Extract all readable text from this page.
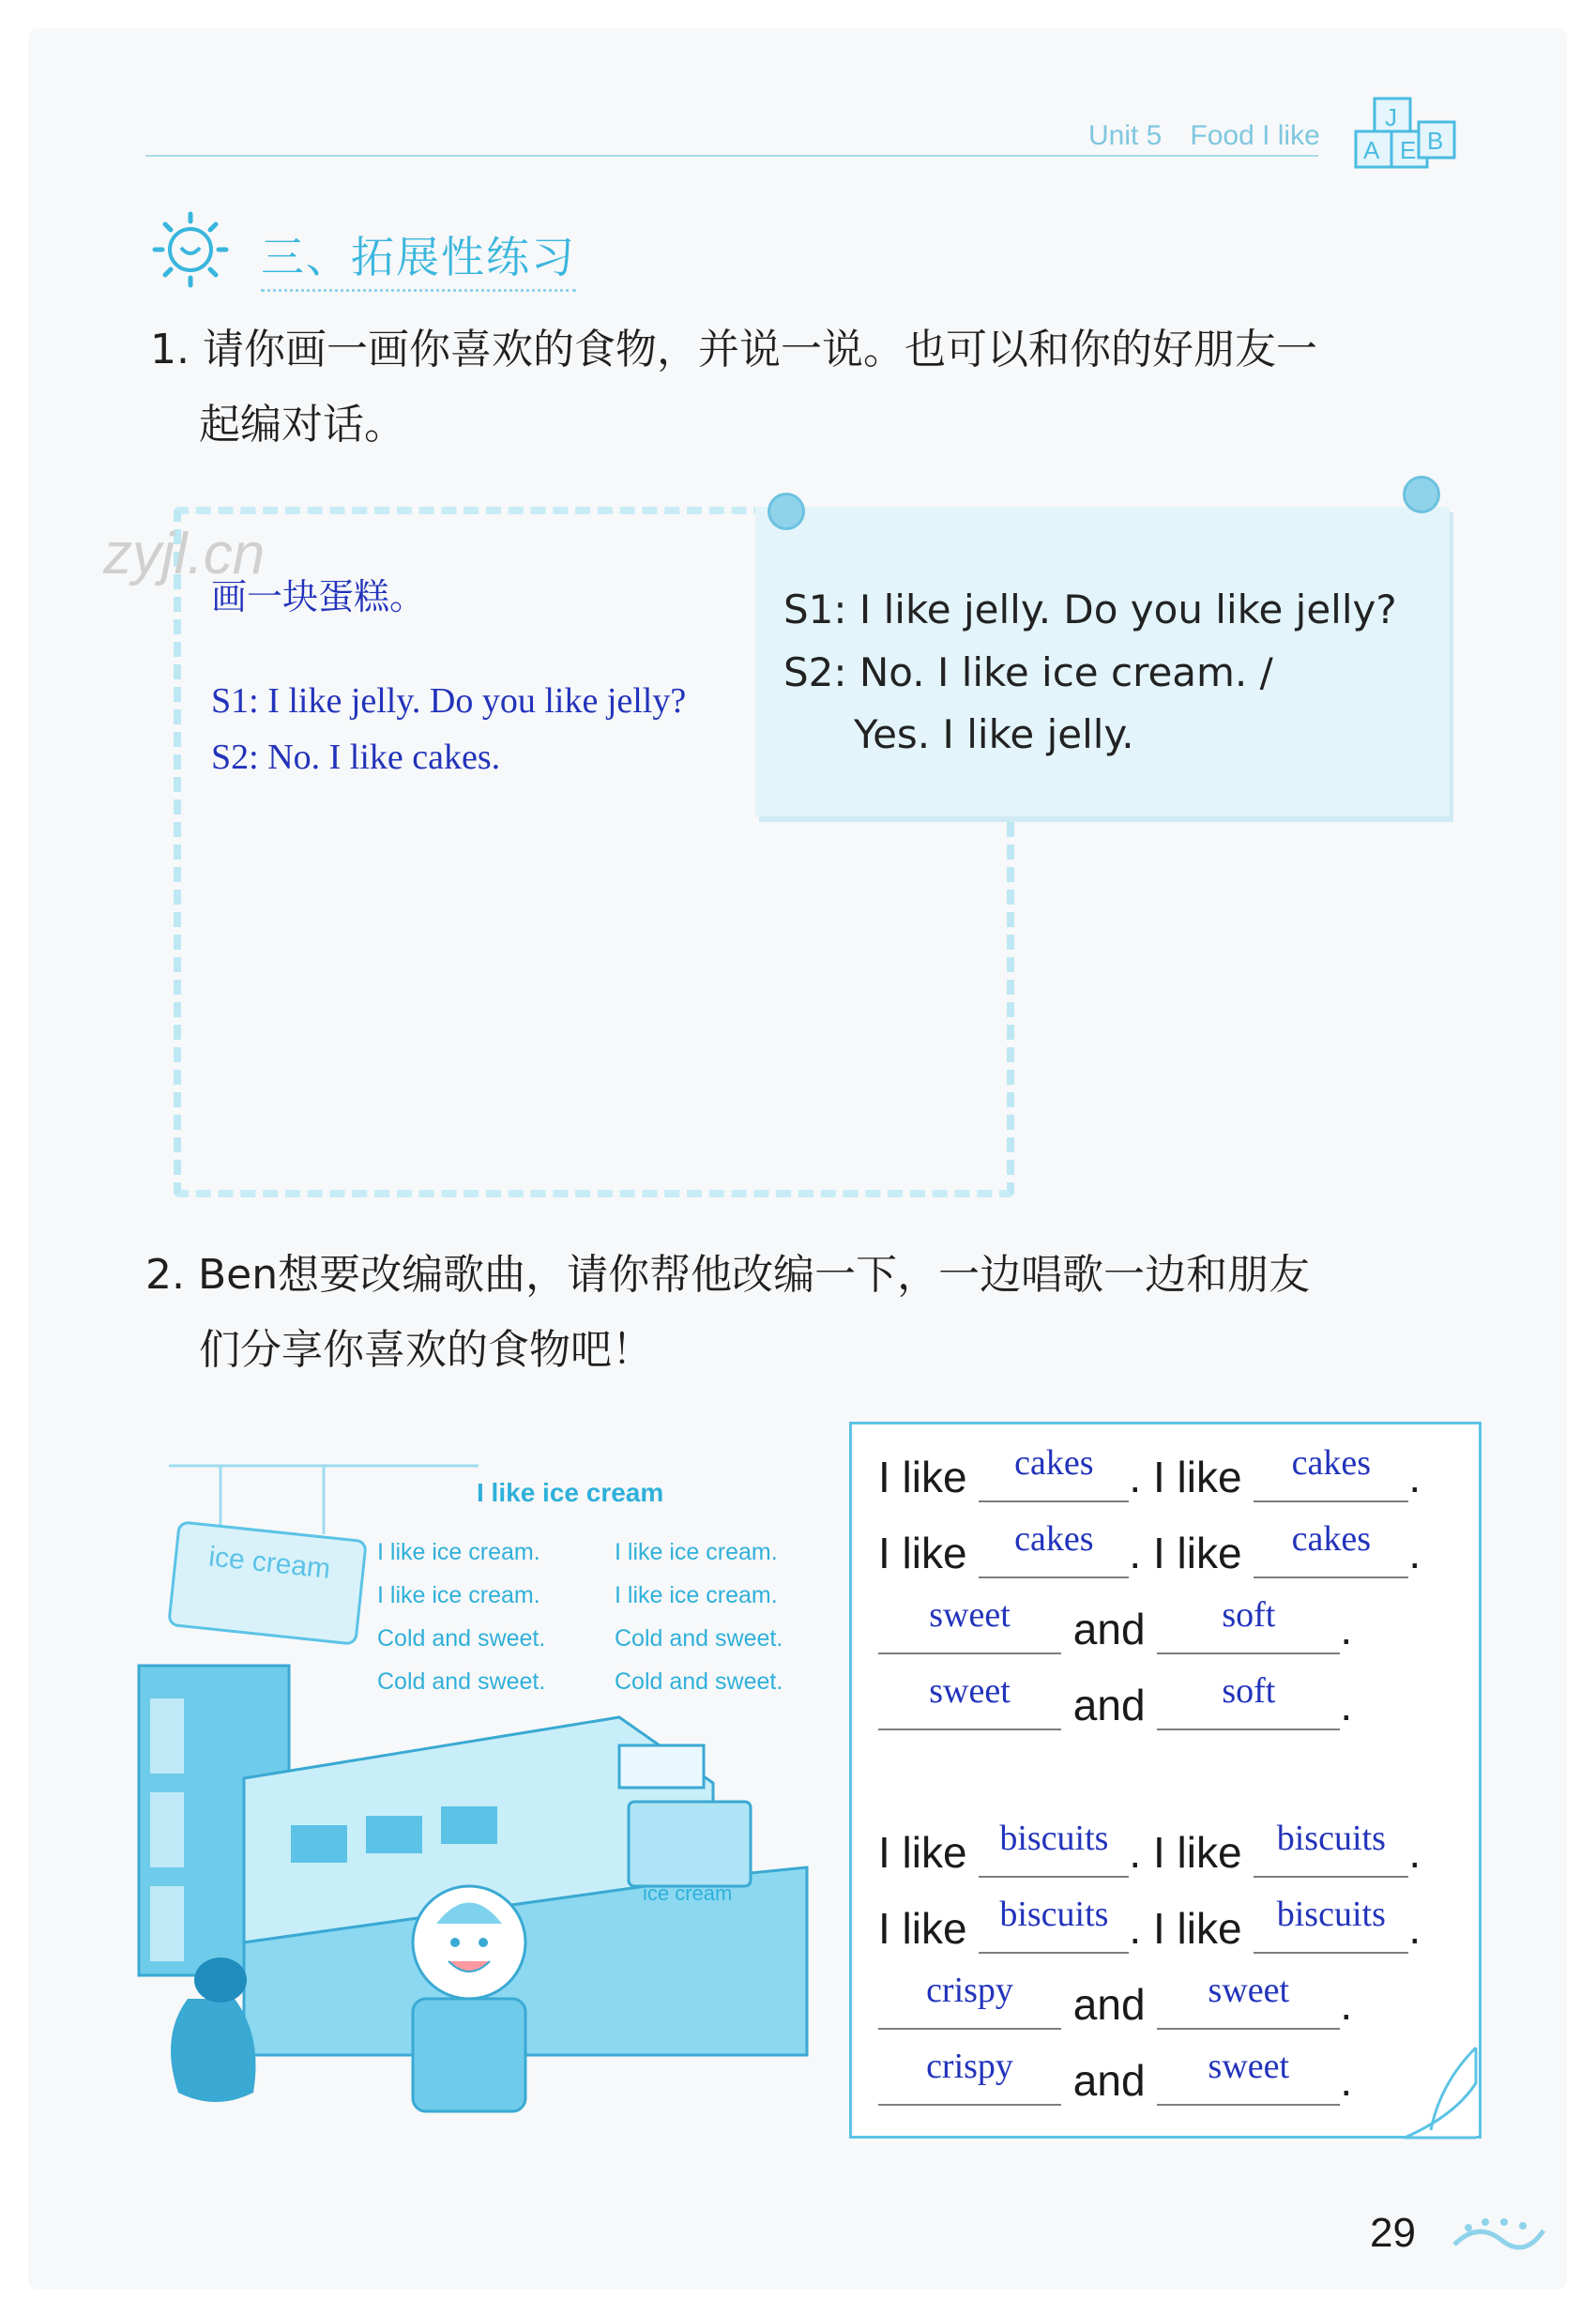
Unit 5 Food I like
J
A E B
三、拓展性练习
1. 请你画一画你喜欢的食物，并说一说。也可以和你的好朋友一
起编对话。
zyjl.cn
画一块蛋糕。
S1: I like jelly. Do you like jelly?
S2: No. I like cakes.
S1: I like jelly. Do you like jelly?
S2: No. I like ice cream. /
Yes. I like jelly.
2. Ben想要改编歌曲，请你帮他改编一下，一边唱歌一边和朋友
们分享你喜欢的食物吧！
ice cream
ice cream
I like ice cream
I like ice cream.
I like ice cream.
Cold and sweet.
Cold and sweet.
I like ice cream.
I like ice cream.
Cold and sweet.
Cold and sweet.
I like	cakes . I like	cakes .
I like	cakes . I like	cakes .
sweet	and	soft	.
sweet	and	soft	.
I like biscuits . I like biscuits .
I like biscuits . I like biscuits .
crispy	and	sweet	.
crispy	and	sweet	.
29
